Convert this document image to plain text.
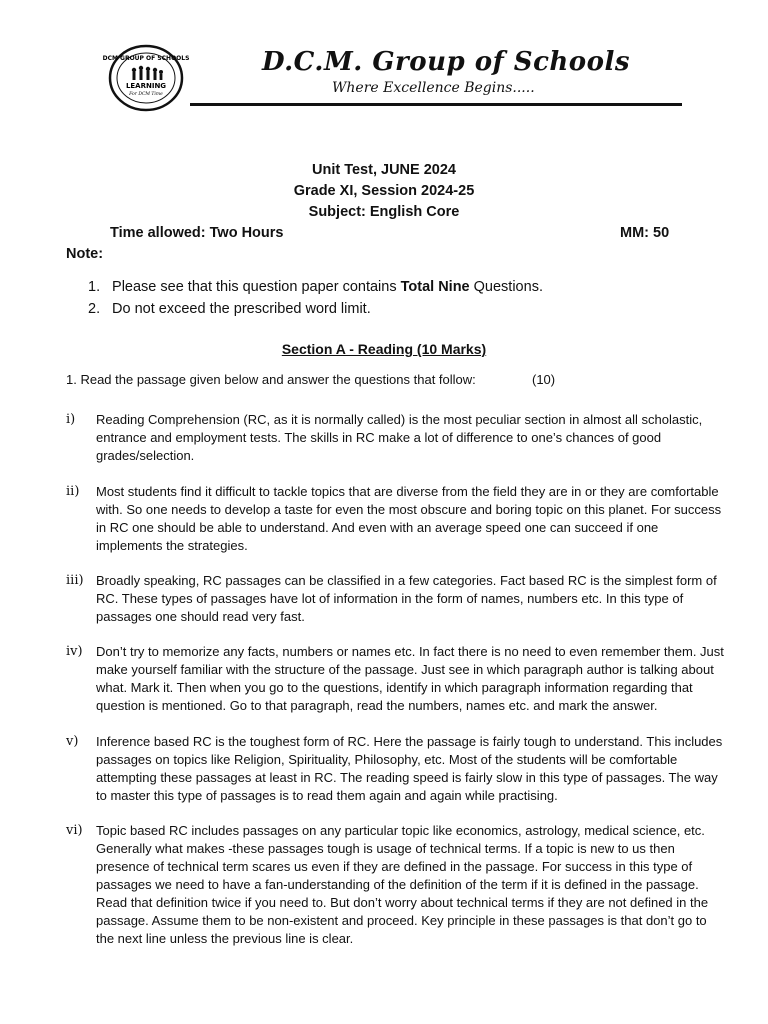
DCM GROUP OF SCHOOLS
LEARNING
For DCM Time
D.C.M. Group of Schools
Where Excellence Begins.....
Unit Test, JUNE 2024
Grade XI, Session 2024-25
Subject: English Core
Time allowed: Two Hours	MM: 50
Note:
1. Please see that this question paper contains Total Nine Questions.
2. Do not exceed the prescribed word limit.
Section A - Reading (10 Marks)
1. Read the passage given below and answer the questions that follow:	(10)
i)	Reading Comprehension (RC, as it is normally called) is the most peculiar section in almost all scholastic, entrance and employment tests. The skills in RC make a lot of difference to one’s chances of good grades/selection.
ii)	Most students find it difficult to tackle topics that are diverse from the field they are in or they are comfortable with. So one needs to develop a taste for even the most obscure and boring topic on this planet. For success in RC one should be able to understand. And even with an average speed one can succeed if one implements the strategies.
iii) Broadly speaking, RC passages can be classified in a few categories. Fact based RC is the simplest form of RC. These types of passages have lot of information in the form of names, numbers etc. In this type of passages one should read very fast.
iv)	Don’t try to memorize any facts, numbers or names etc. In fact there is no need to even remember them. Just make yourself familiar with the structure of the passage. Just see in which paragraph author is talking about what. Mark it. Then when you go to the questions, identify in which paragraph information regarding that question is mentioned. Go to that paragraph, read the numbers, names etc. and mark the answer.
v)	Inference based RC is the toughest form of RC. Here the passage is fairly tough to understand. This includes passages on topics like Religion, Spirituality, Philosophy, etc. Most of the students will be comfortable attempting these passages at least in RC. The reading speed is fairly slow in this type of passages. The way to master this type of passages is to read them again and again while practising.
vi)	Topic based RC includes passages on any particular topic like economics, astrology, medical science, etc. Generally what makes -these passages tough is usage of technical terms. If a topic is new to us then presence of technical term scares us even if they are defined in the passage. For success in this type of passages we need to have a fan-understanding of the definition of the term if it is defined in the passage. Read that definition twice if you need to. But don’t worry about technical terms if they are not defined in the passage. Assume them to be non-existent and proceed. Key principle in these passages is that don’t go to the next line unless the previous line is clear.
